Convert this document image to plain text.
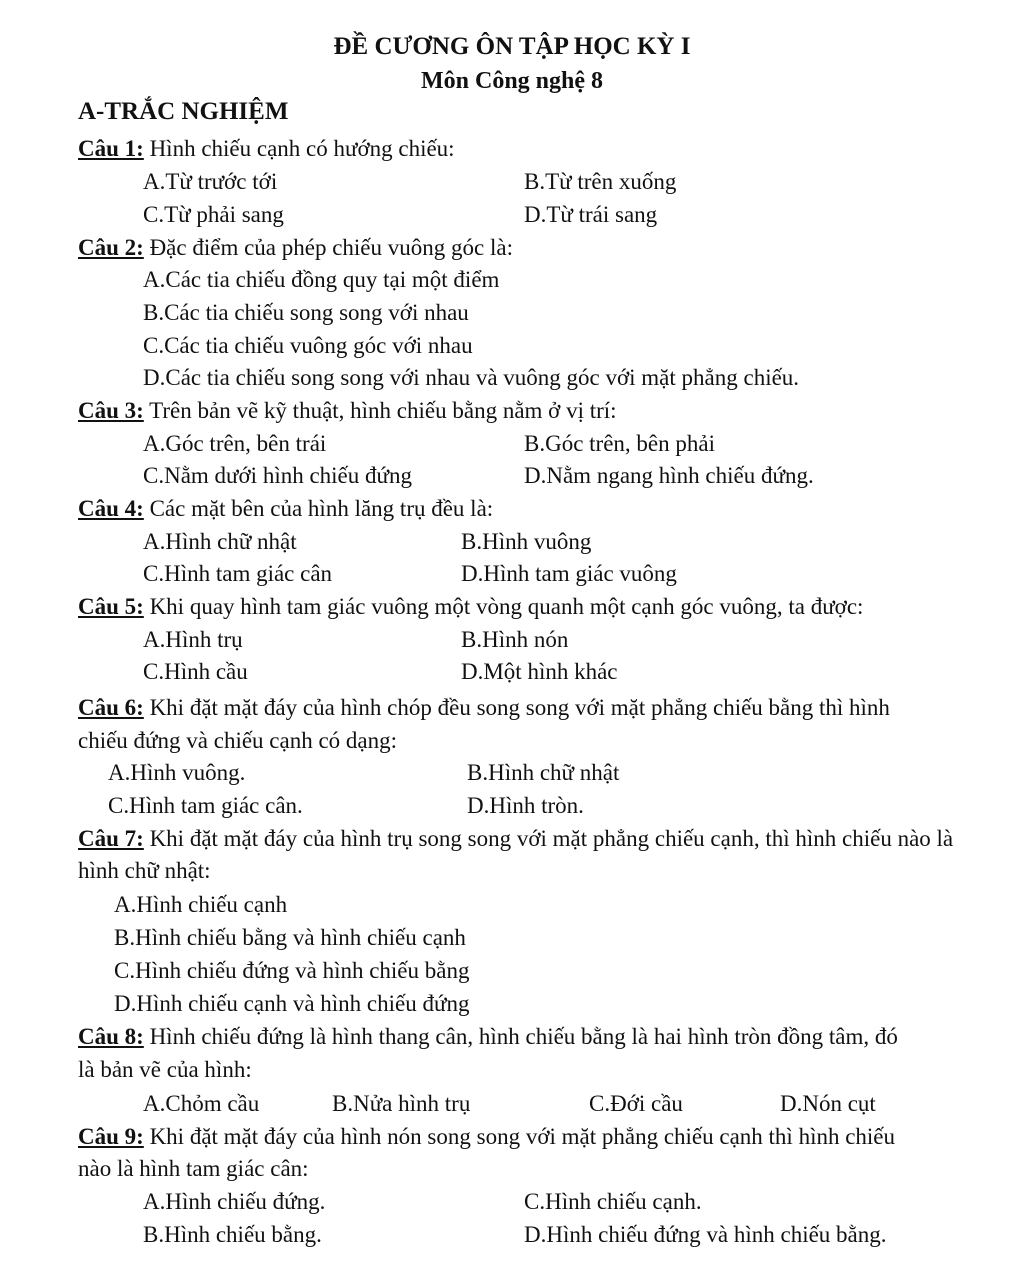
ĐỀ CƯƠNG ÔN TẬP HỌC KỲ I
Môn Công nghệ 8
A-TRẮC NGHIỆM
Câu 1: Hình chiếu cạnh có hướng chiếu:
A.Từ trước tới	B.Từ trên xuống
C.Từ phải sang	D.Từ trái sang
Câu 2: Đặc điểm của phép chiếu vuông góc là:
A.Các tia chiếu đồng quy tại một điểm
B.Các tia chiếu song song với nhau
C.Các tia chiếu vuông góc với nhau
D.Các tia chiếu song song với nhau và vuông góc với mặt phẳng chiếu.
Câu 3: Trên bản vẽ kỹ thuật, hình chiếu bằng nằm ở vị trí:
A.Góc trên, bên trái	B.Góc trên, bên phải
C.Nằm dưới hình chiếu đứng	D.Nằm ngang hình chiếu đứng.
Câu 4: Các mặt bên của hình lăng trụ đều là:
A.Hình chữ nhật	B.Hình vuông
C.Hình tam giác cân	D.Hình tam giác vuông
Câu 5: Khi quay hình tam giác vuông một vòng quanh một cạnh góc vuông, ta được:
A.Hình trụ	B.Hình nón
C.Hình cầu	D.Một hình khác
Câu 6: Khi đặt mặt đáy của hình chóp đều song song với mặt phẳng chiếu bằng thì hình
chiếu đứng và chiếu cạnh có dạng:
A.Hình vuông.	B.Hình chữ nhật
C.Hình tam giác cân.	D.Hình tròn.
Câu 7: Khi đặt mặt đáy của hình trụ song song với mặt phẳng chiếu cạnh, thì hình chiếu nào là
hình chữ nhật:
A.Hình chiếu cạnh
B.Hình chiếu bằng và hình chiếu cạnh
C.Hình chiếu đứng và hình chiếu bằng
D.Hình chiếu cạnh và hình chiếu đứng
Câu 8: Hình chiếu đứng là hình thang cân, hình chiếu bằng là hai hình tròn đồng tâm, đó
là bản vẽ của hình:
A.Chỏm cầu	B.Nửa hình trụ	C.Đới cầu	D.Nón cụt
Câu 9: Khi đặt mặt đáy của hình nón song song với mặt phẳng chiếu cạnh thì hình chiếu
nào là hình tam giác cân:
A.Hình chiếu đứng.	C.Hình chiếu cạnh.
B.Hình chiếu bằng.	D.Hình chiếu đứng và hình chiếu bằng.
